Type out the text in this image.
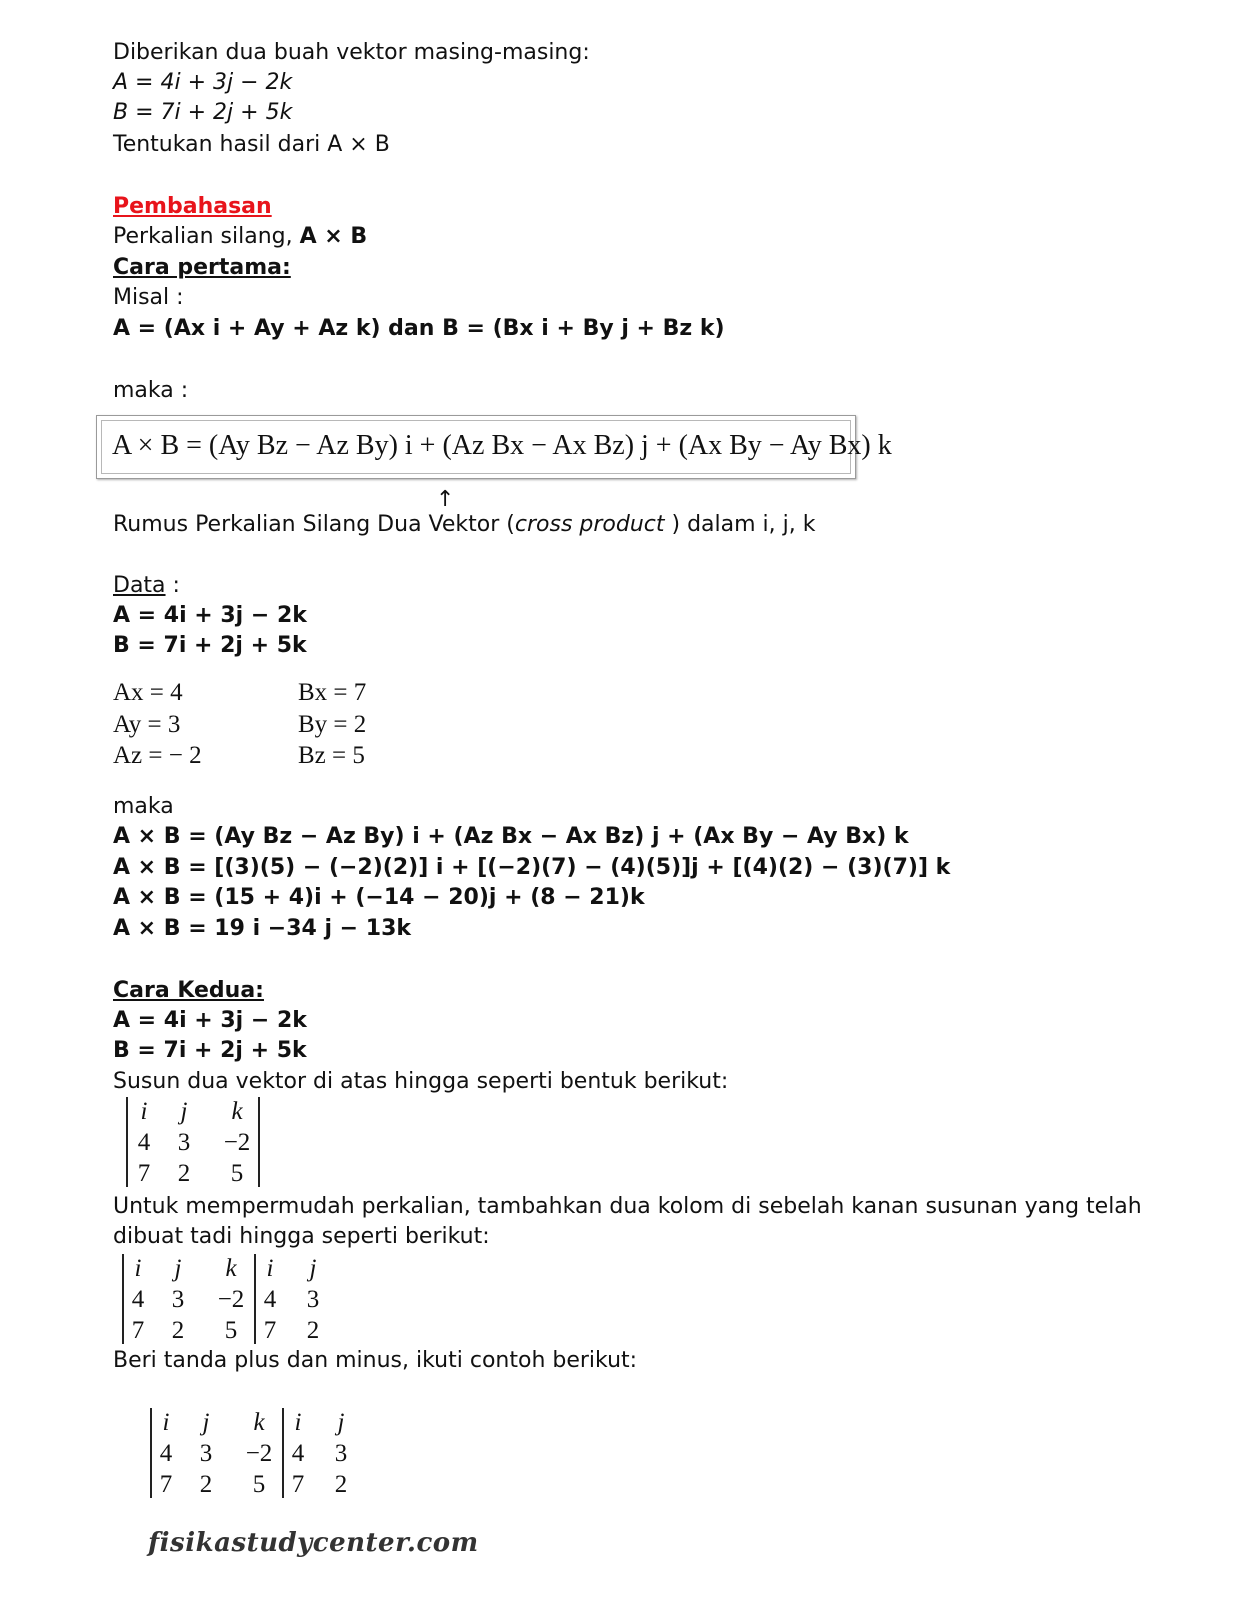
Diberikan dua buah vektor masing-masing:
A = 4i + 3j − 2k
B = 7i + 2j + 5k
Tentukan hasil dari A × B
Pembahasan
Perkalian silang, A × B
Cara pertama:
Misal :
A = (Ax i + Ay + Az k) dan B = (Bx i + By j + Bz k)
maka :
A × B = (Ay Bz − Az By) i + (Az Bx − Ax Bz) j + (Ax By − Ay Bx) k
↑
Rumus Perkalian Silang Dua Vektor (cross product ) dalam i, j, k
Data :
A = 4i + 3j − 2k
B = 7i + 2j + 5k
Ax = 4	Bx = 7
Ay = 3	By = 2
Az = − 2	Bz = 5
maka
A × B = (Ay Bz − Az By) i + (Az Bx − Ax Bz) j + (Ax By − Ay Bx) k
A × B = [(3)(5) − (−2)(2)] i + [(−2)(7) − (4)(5)]j + [(4)(2) − (3)(7)] k
A × B = (15 + 4)i + (−14 − 20)j + (8 − 21)k
A × B = 19 i −34 j − 13k
Cara Kedua:
A = 4i + 3j − 2k
B = 7i + 2j + 5k
Susun dua vektor di atas hingga seperti bentuk berikut:
i	j	k
4	3	−2
7	2	5
Untuk mempermudah perkalian, tambahkan dua kolom di sebelah kanan susunan yang telah
dibuat tadi hingga seperti berikut:
i	j	k	i	j
4	3	−2 4	3
7	2	5	7	2
Beri tanda plus dan minus, ikuti contoh berikut:
i	j	k	i	j
4	3	−2 4	3
7	2	5	7	2
fisikastudycenter.com
